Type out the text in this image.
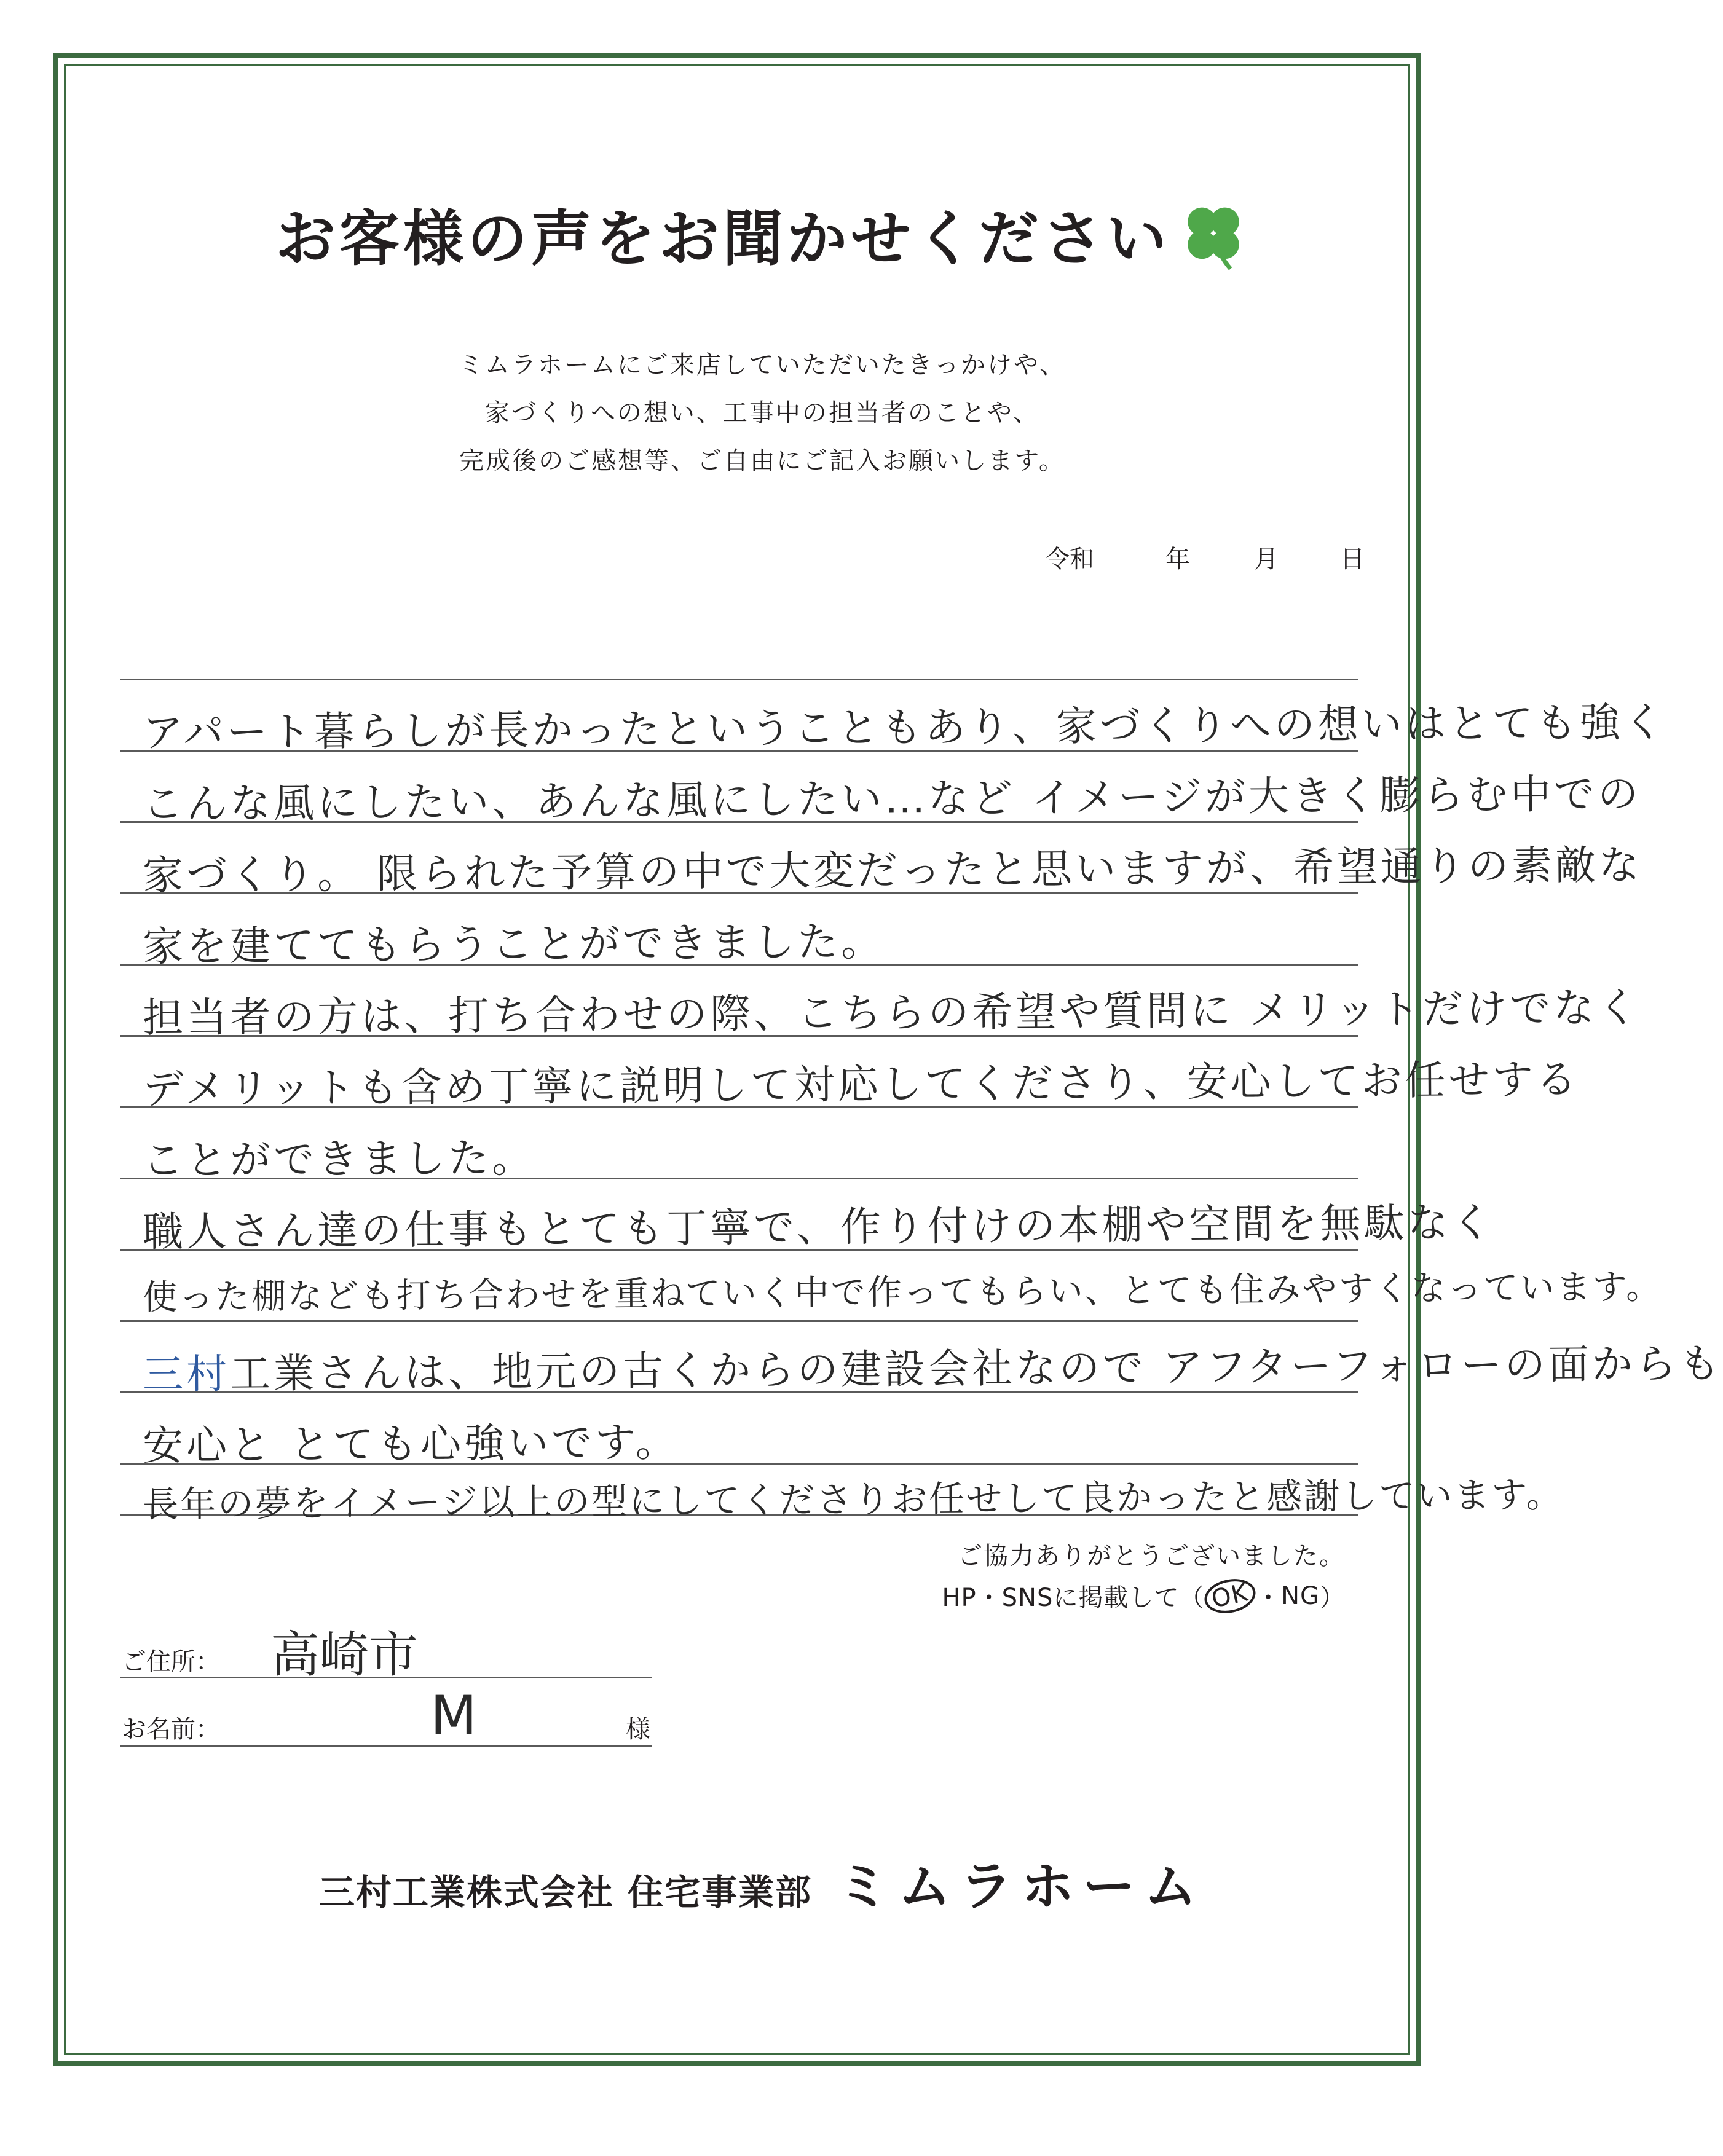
お客様の声をお聞かせください
ミムラホームにご来店していただいたきっかけや、
家づくりへの想い、工事中の担当者のことや、
完成後のご感想等、ご自由にご記入お願いします。
令和	年	月	日
アパート暮らしが長かったということもあり、家づくりへの想いはとても強く
こんな風にしたい、あんな風にしたい…など イメージが大きく膨らむ中での
家づくり。 限られた予算の中で大変だったと思いますが、希望通りの素敵な
家を建ててもらうことができました。
担当者の方は、打ち合わせの際、こちらの希望や質問に メリットだけでなく
デメリットも含め丁寧に説明して対応してくださり、安心してお任せする
ことができました。
職人さん達の仕事もとても丁寧で、作り付けの本棚や空間を無駄なく
使った棚なども打ち合わせを重ねていく中で作ってもらい、とても住みやすくなっています。
三村工業さんは、地元の古くからの建設会社なので アフターフォローの面からも
安心と とても心強いです。
長年の夢をイメージ以上の型にしてくださりお任せして良かったと感謝しています。
ご協力ありがとうございました。
HP・SNSに掲載して（ OK ・ NG ）
ご住所： 高崎市
お名前：	M	様
三村工業株式会社 住宅事業部 ミムラホーム
